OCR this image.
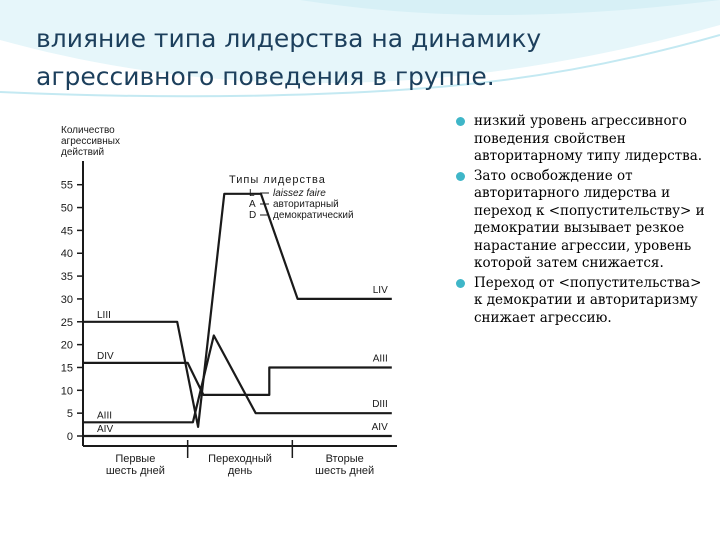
влияние типа лидерства на динамику агрессивного поведения в группе.
Количество
агрессивных
действий
0
5
10
15
20
25
30
35
40
45
50
55
Первые
шесть дней
Переходный
день
Вторые
шесть дней
Типы лидерства
L laissez faire
A авторитарный
D демократический
LIII
LIV
DIV	AIII
AIII
DIII
AIV	AIV
низкий уровень агрессивного поведения свойствен авторитарному типу лидерства.
Зато освобождение от авторитарного лидерства и переход к <попустительству> и демократии вызывает резкое нарастание агрессии, уровень которой затем снижается.
Переход от <попустительства> к демократии и авторитаризму снижает агрессию.
